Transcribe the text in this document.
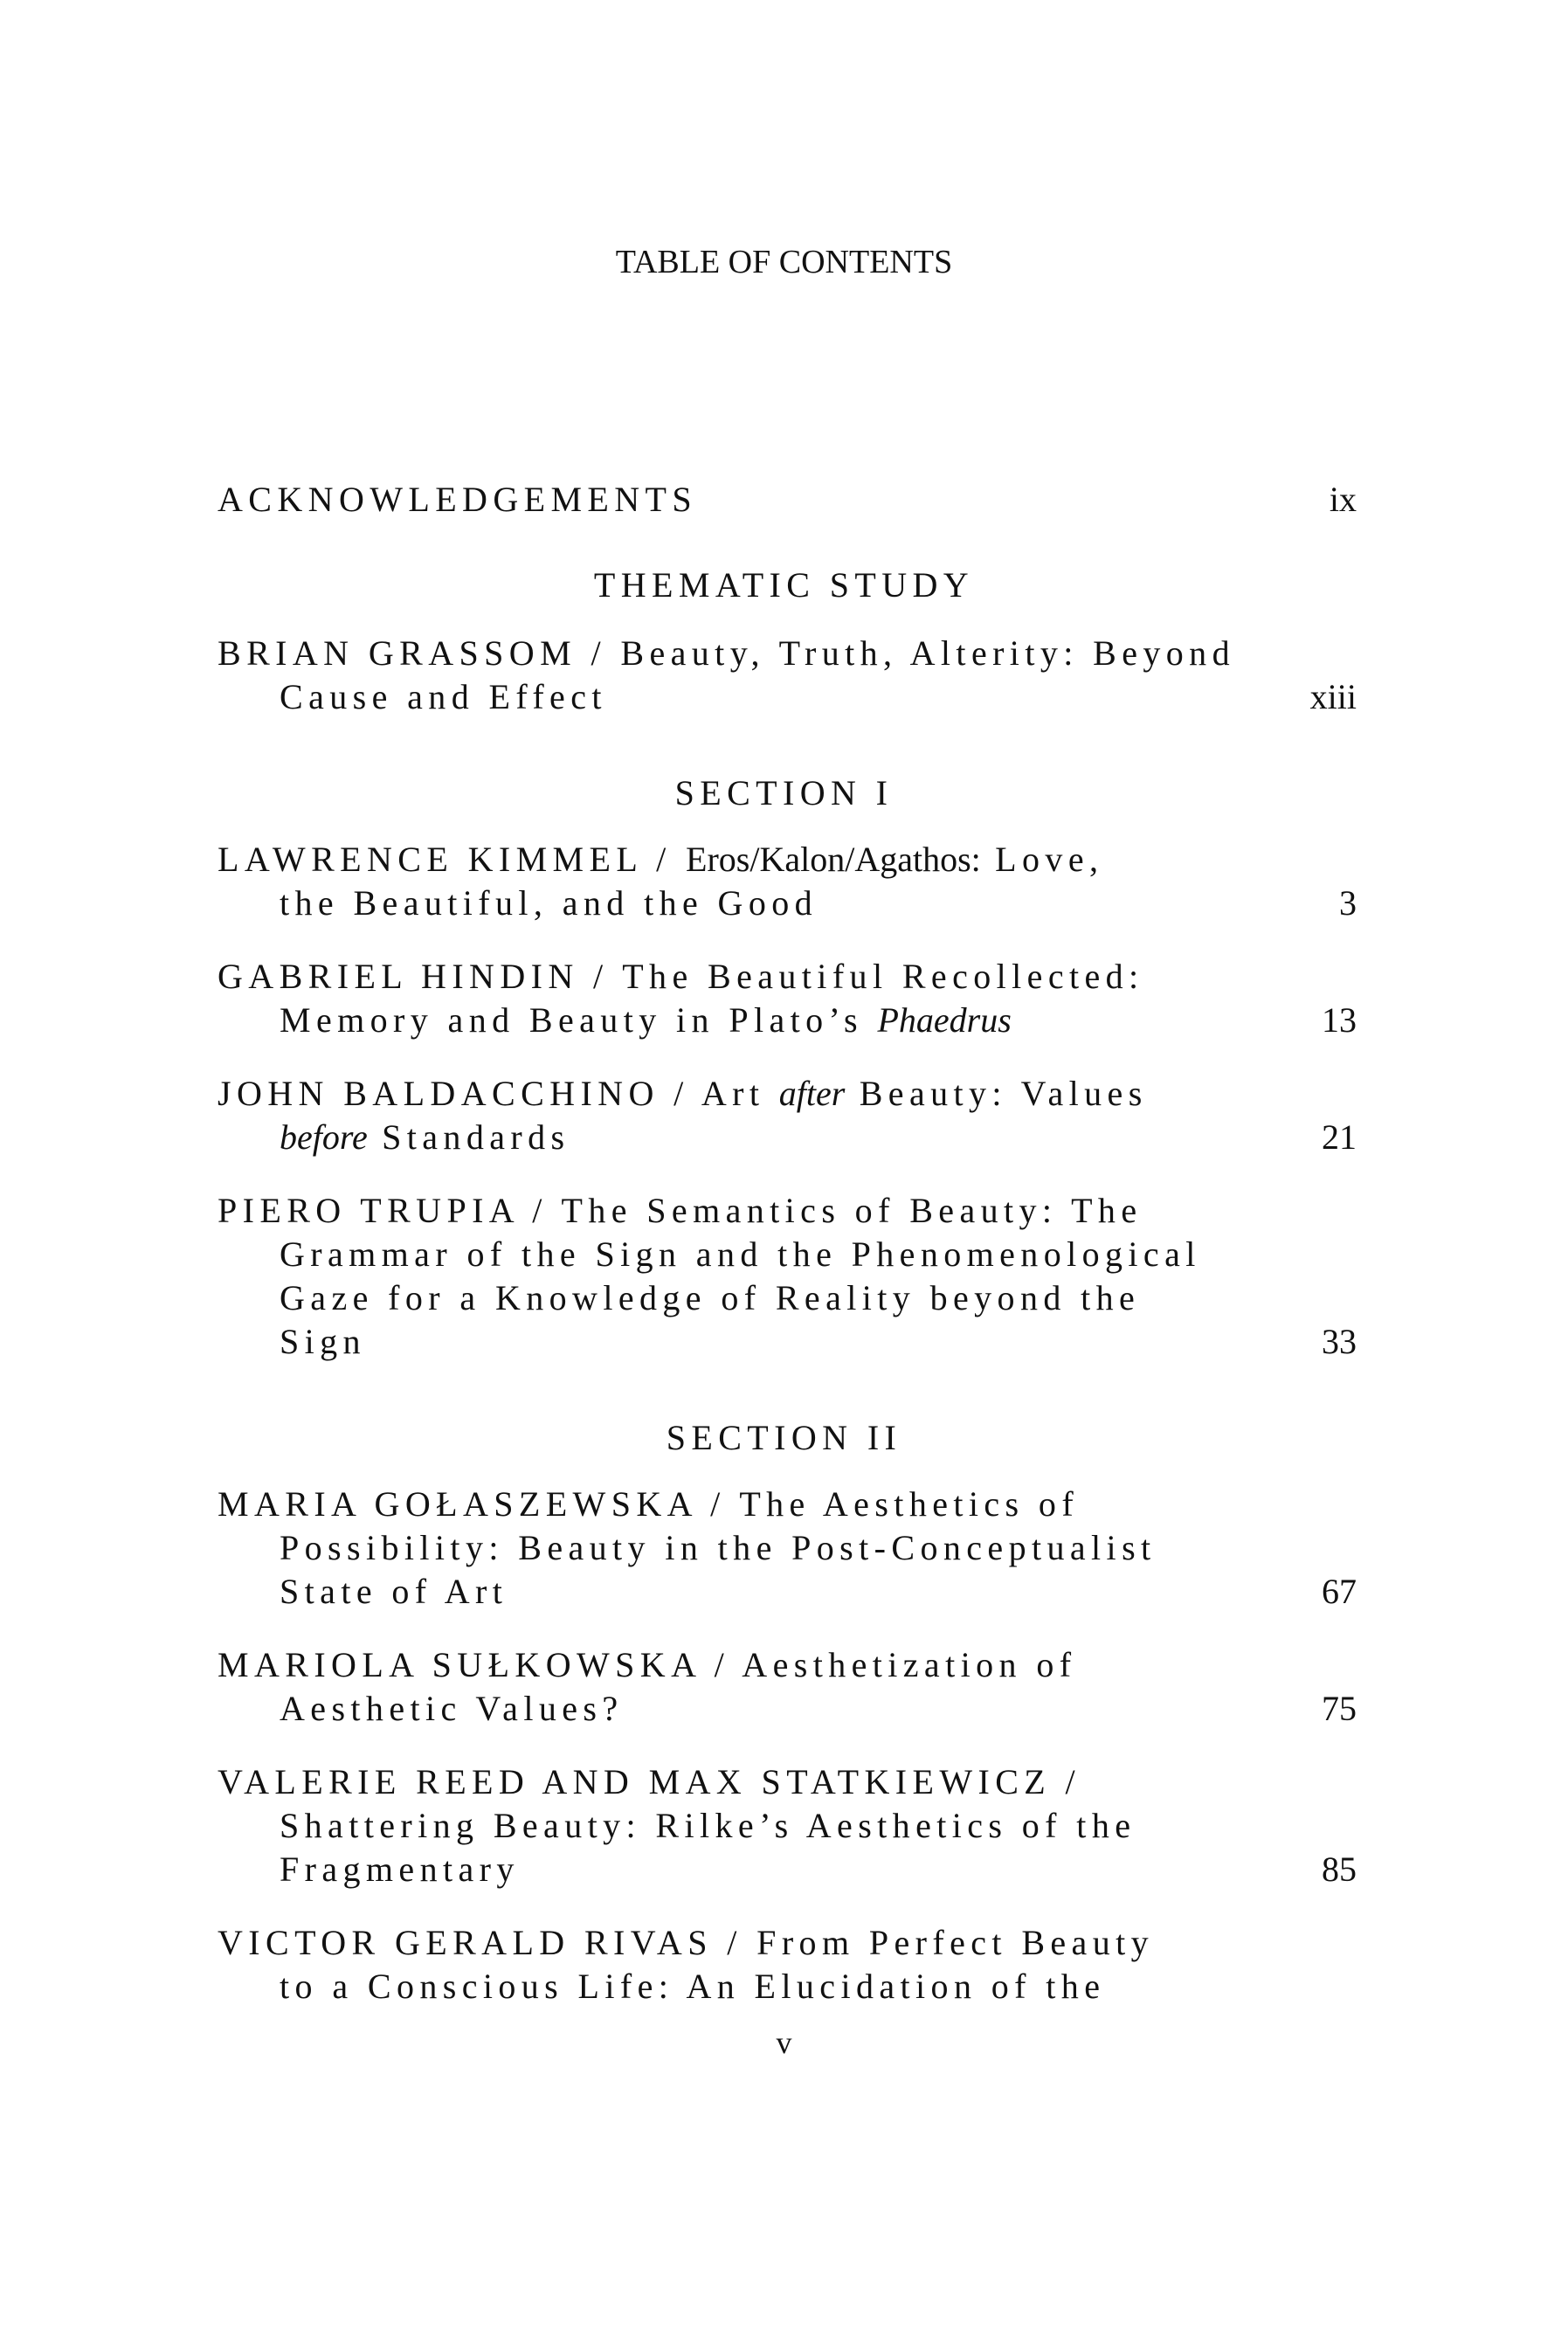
TABLE OF CONTENTS
ACKNOWLEDGEMENTS	ix
THEMATIC STUDY
BRIAN GRASSOM / Beauty, Truth, Alterity: Beyond
Cause and Effect	xiii
SECTION I
LAWRENCE KIMMEL / Eros/Kalon/Agathos: Love,
the Beautiful, and the Good	3
GABRIEL HINDIN / The Beautiful Recollected:
Memory and Beauty in Plato’s Phaedrus	13
JOHN BALDACCHINO / Art after Beauty: Values
before Standards	21
PIERO TRUPIA / The Semantics of Beauty: The
Grammar of the Sign and the Phenomenological
Gaze for a Knowledge of Reality beyond the
Sign	33
SECTION II
MARIA GOŁASZEWSKA / The Aesthetics of
Possibility: Beauty in the Post-Conceptualist
State of Art	67
MARIOLA SUŁKOWSKA / Aesthetization of
Aesthetic Values?	75
VALERIE REED AND MAX STATKIEWICZ /
Shattering Beauty: Rilke’s Aesthetics of the
Fragmentary	85
VICTOR GERALD RIVAS / From Perfect Beauty
to a Conscious Life: An Elucidation of the
v
